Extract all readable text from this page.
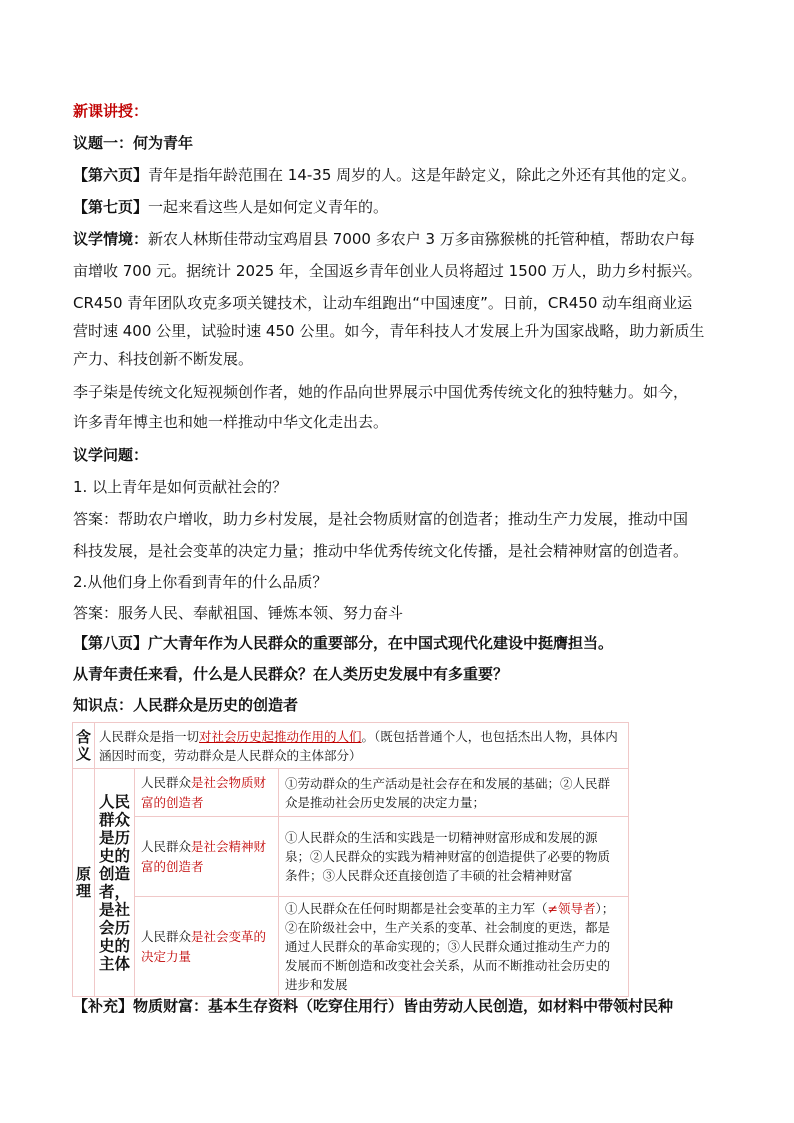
新课讲授：
议题一：何为青年
【第六页】青年是指年龄范围在 14-35 周岁的人。这是年龄定义，除此之外还有其他的定义。
【第七页】一起来看这些人是如何定义青年的。
议学情境：新农人林斯佳带动宝鸡眉县 7000 多农户 3 万多亩猕猴桃的托管种植，帮助农户每
亩增收 700 元。据统计 2025 年，全国返乡青年创业人员将超过 1500 万人，助力乡村振兴。
CR450 青年团队攻克多项关键技术，让动车组跑出“中国速度”。日前，CR450 动车组商业运
营时速 400 公里，试验时速 450 公里。如今，青年科技人才发展上升为国家战略，助力新质生
产力、科技创新不断发展。
李子柒是传统文化短视频创作者，她的作品向世界展示中国优秀传统文化的独特魅力。如今，
许多青年博主也和她一样推动中华文化走出去。
议学问题：
1. 以上青年是如何贡献社会的？
答案：帮助农户增收，助力乡村发展，是社会物质财富的创造者；推动生产力发展，推动中国
科技发展，是社会变革的决定力量；推动中华优秀传统文化传播，是社会精神财富的创造者。
2.从他们身上你看到青年的什么品质？
答案：服务人民、奉献祖国、锤炼本领、努力奋斗
【第八页】广大青年作为人民群众的重要部分，在中国式现代化建设中挺膺担当。
从青年责任来看，什么是人民群众？在人类历史发展中有多重要？
知识点：人民群众是历史的创造者
含义	人民群众是指一切对社会历史起推动作用的人们。（既包括普通个人，也包括杰出人物，具体内涵因时而变，劳动群众是人民群众的主体部分）		

原理	人民群众是历史的创造者，是社会历史的主体	人民群众是社会物质财富的创造者	①劳动群众的生产活动是社会存在和发展的基础；②人民群众是推动社会历史发展的决定力量；
		人民群众是社会精神财富的创造者	①人民群众的生活和实践是一切精神财富形成和发展的源泉；②人民群众的实践为精神财富的创造提供了必要的物质条件；③人民群众还直接创造了丰硕的社会精神财富
		人民群众是社会变革的决定力量	①人民群众在任何时期都是社会变革的主力军（≠领导者）；②在阶级社会中，生产关系的变革、社会制度的更迭，都是通过人民群众的革命实现的；③人民群众通过推动生产力的发展而不断创造和改变社会关系，从而不断推动社会历史的进步和发展
【补充】物质财富：基本生存资料（吃穿住用行）皆由劳动人民创造，如材料中带领村民种
